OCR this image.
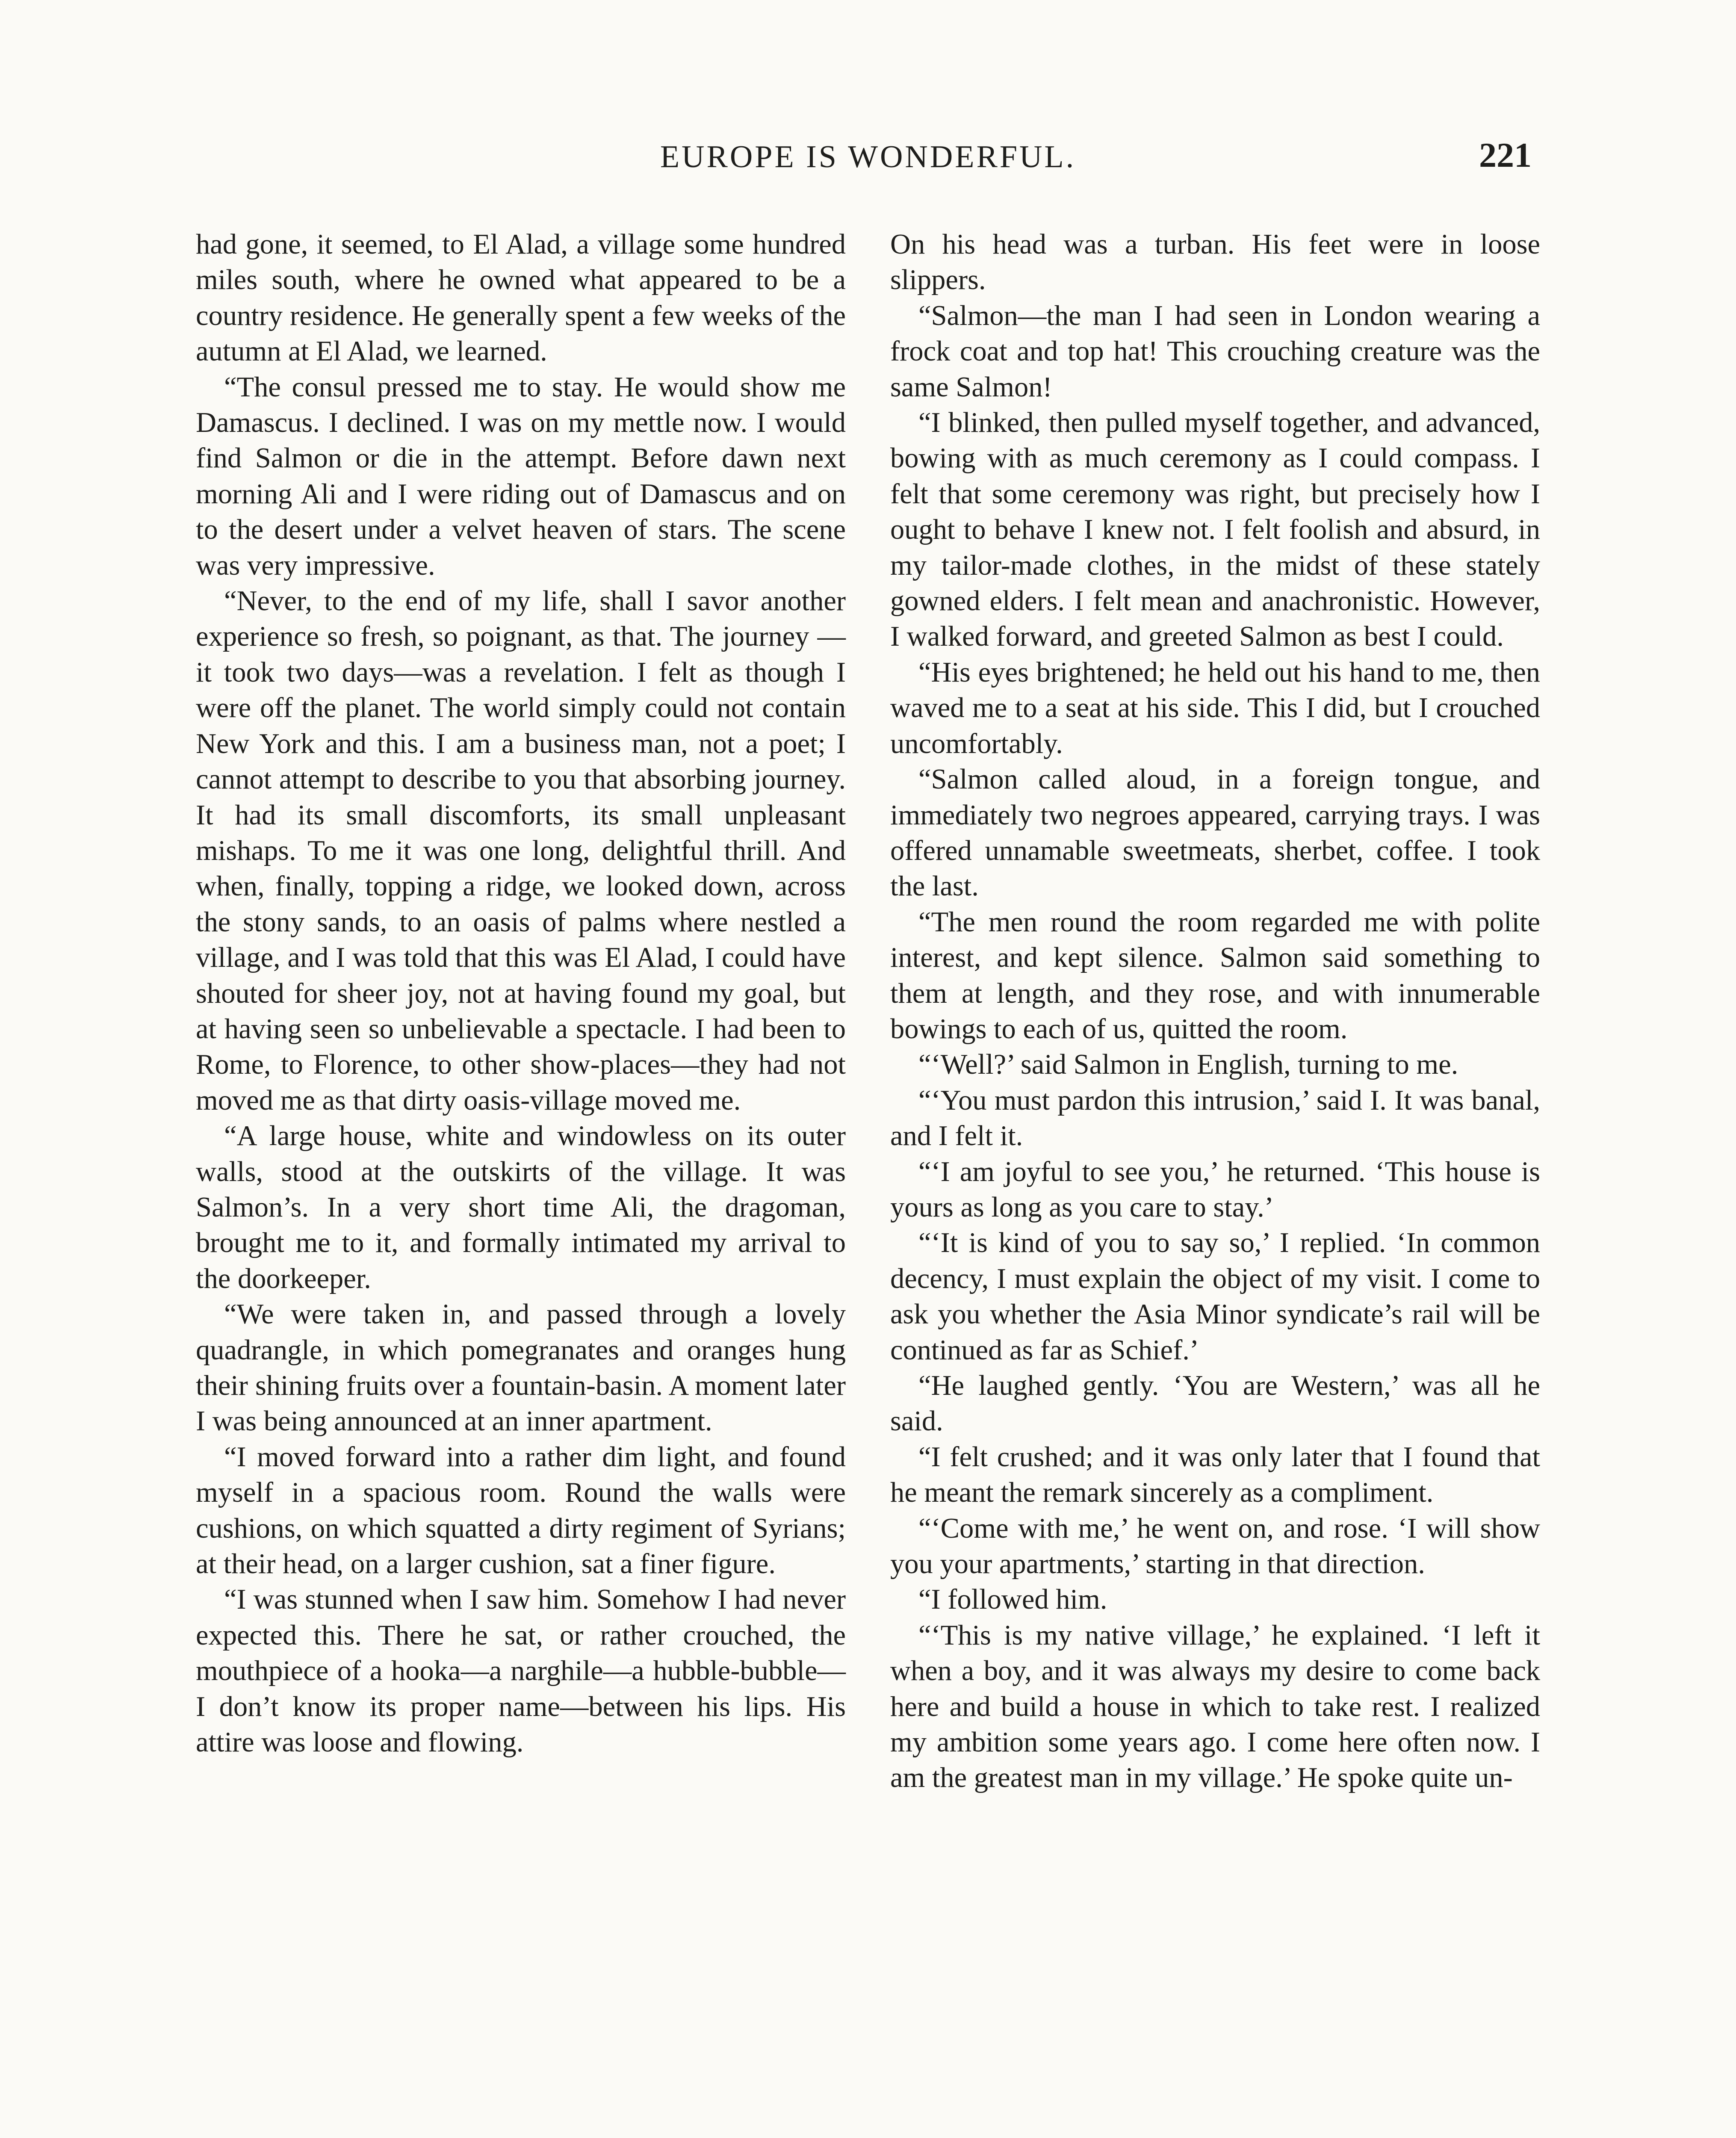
EUROPE IS WONDERFUL.	221

had gone, it seemed, to El Alad, a village some hundred miles south, where he owned what appeared to be a country residence. He generally spent a few weeks of the autumn at El Alad, we learned.

“The consul pressed me to stay. He would show me Damascus. I declined. I was on my mettle now. I would find Salmon or die in the attempt. Before dawn next morning Ali and I were riding out of Damascus and on to the desert under a velvet heaven of stars. The scene was very impressive.

“Never, to the end of my life, shall I savor another experience so fresh, so poignant, as that. The journey — it took two days—was a revelation. I felt as though I were off the planet. The world simply could not contain New York and this. I am a business man, not a poet; I cannot attempt to describe to you that absorbing journey. It had its small discomforts, its small unpleasant mishaps. To me it was one long, delightful thrill. And when, finally, topping a ridge, we looked down, across the stony sands, to an oasis of palms where nestled a village, and I was told that this was El Alad, I could have shouted for sheer joy, not at having found my goal, but at having seen so unbelievable a spectacle. I had been to Rome, to Florence, to other show-places—they had not moved me as that dirty oasis-village moved me.

“A large house, white and windowless on its outer walls, stood at the outskirts of the village. It was Salmon’s. In a very short time Ali, the dragoman, brought me to it, and formally intimated my arrival to the doorkeeper.

“We were taken in, and passed through a lovely quadrangle, in which pomegranates and oranges hung their shining fruits over a fountain-basin. A moment later I was being announced at an inner apartment.

“I moved forward into a rather dim light, and found myself in a spacious room. Round the walls were cushions, on which squatted a dirty regiment of Syrians; at their head, on a larger cushion, sat a finer figure.

“I was stunned when I saw him. Somehow I had never expected this. There he sat, or rather crouched, the mouthpiece of a hooka—a narghile—a hubble-bubble—I don’t know its proper name—between his lips. His attire was loose and flowing.

On his head was a turban. His feet were in loose slippers.

“Salmon—the man I had seen in London wearing a frock coat and top hat! This crouching creature was the same Salmon!

“I blinked, then pulled myself together, and advanced, bowing with as much ceremony as I could compass. I felt that some ceremony was right, but precisely how I ought to behave I knew not. I felt foolish and absurd, in my tailor-made clothes, in the midst of these stately gowned elders. I felt mean and anachronistic. However, I walked forward, and greeted Salmon as best I could.

“His eyes brightened; he held out his hand to me, then waved me to a seat at his side. This I did, but I crouched uncomfortably.

“Salmon called aloud, in a foreign tongue, and immediately two negroes appeared, carrying trays. I was offered unnamable sweetmeats, sherbet, coffee. I took the last.

“The men round the room regarded me with polite interest, and kept silence. Salmon said something to them at length, and they rose, and with innumerable bowings to each of us, quitted the room.

“‘Well?’ said Salmon in English, turning to me.

“‘You must pardon this intrusion,’ said I. It was banal, and I felt it.

“‘I am joyful to see you,’ he returned. ‘This house is yours as long as you care to stay.’

“‘It is kind of you to say so,’ I replied. ‘In common decency, I must explain the object of my visit. I come to ask you whether the Asia Minor syndicate’s rail will be continued as far as Schief.’

“He laughed gently. ‘You are Western,’ was all he said.

“I felt crushed; and it was only later that I found that he meant the remark sincerely as a compliment.

“‘Come with me,’ he went on, and rose. ‘I will show you your apartments,’ starting in that direction.

“I followed him.

“‘This is my native village,’ he explained. ‘I left it when a boy, and it was always my desire to come back here and build a house in which to take rest. I realized my ambition some years ago. I come here often now. I am the greatest man in my village.’ He spoke quite un-
